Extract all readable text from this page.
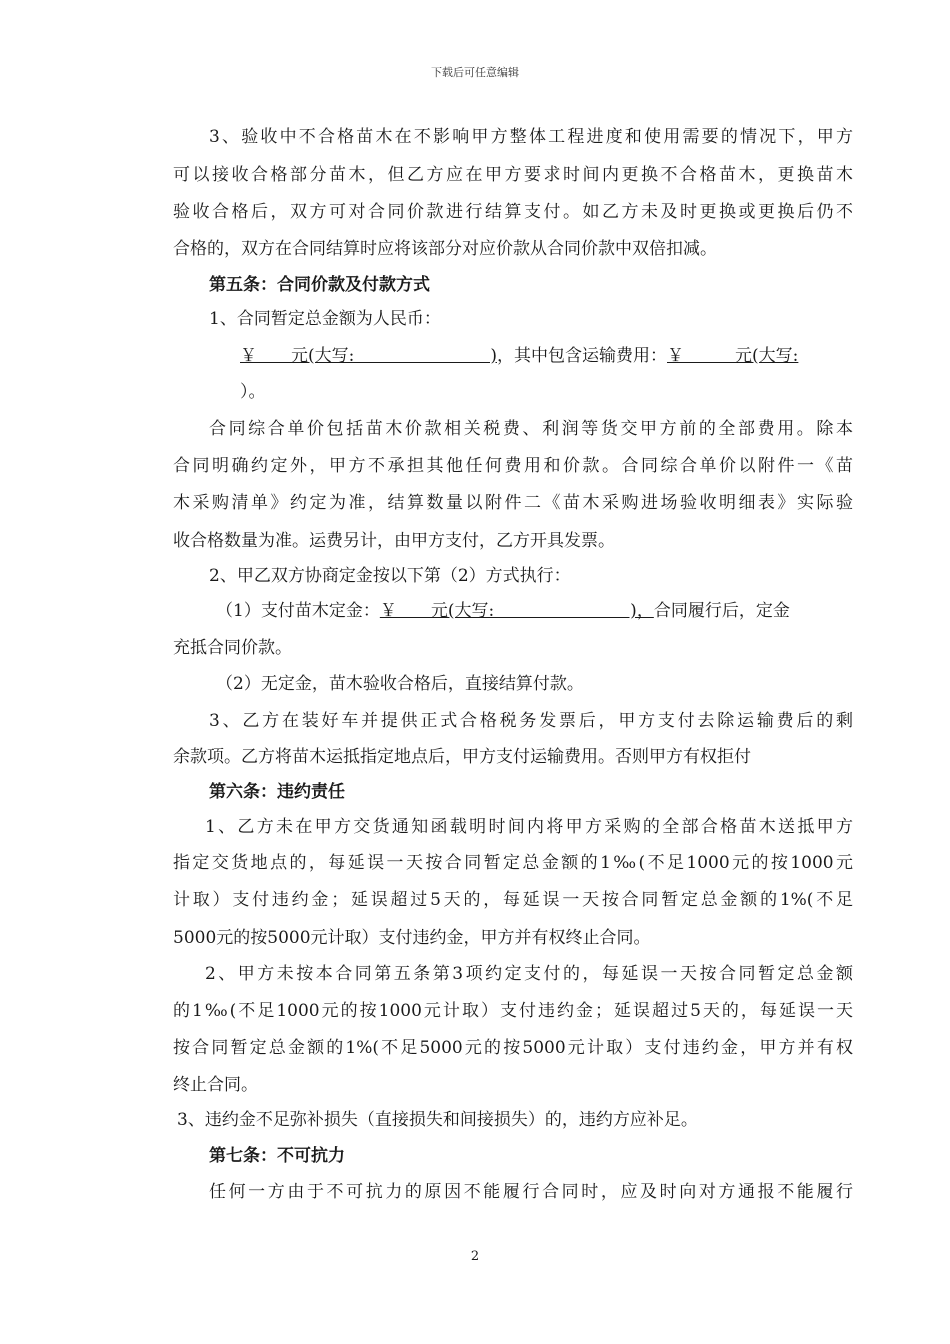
下载后可任意编辑
3、验收中不合格苗木在不影响甲方整体工程进度和使用需要的情况下，甲方
可以接收合格部分苗木，但乙方应在甲方要求时间内更换不合格苗木，更换苗木
验收合格后，双方可对合同价款进行结算支付。如乙方未及时更换或更换后仍不
合格的，双方在合同结算时应将该部分对应价款从合同价款中双倍扣减。
第五条：合同价款及付款方式
1、合同暂定总金额为人民币：
￥　　元(大写:　　　　　　　　)，其中包含运输费用：￥　　　元(大写:
）。
合同综合单价包括苗木价款相关税费、利润等货交甲方前的全部费用。除本
合同明确约定外，甲方不承担其他任何费用和价款。合同综合单价以附件一《苗
木采购清单》约定为准，结算数量以附件二《苗木采购进场验收明细表》实际验
收合格数量为准。运费另计，由甲方支付，乙方开具发票。
2、甲乙双方协商定金按以下第（2）方式执行：
（1）支付苗木定金：￥　　元(大写:　　　　　　　　)，合同履行后，定金
充抵合同价款。
（2）无定金，苗木验收合格后，直接结算付款。
3、乙方在装好车并提供正式合格税务发票后，甲方支付去除运输费后的剩
余款项。乙方将苗木运抵指定地点后，甲方支付运输费用。否则甲方有权拒付
第六条：违约责任
1、乙方未在甲方交货通知函载明时间内将甲方采购的全部合格苗木送抵甲方
指定交货地点的，每延误一天按合同暂定总金额的1‰(不足1000元的按1000元
计取）支付违约金；延误超过5天的，每延误一天按合同暂定总金额的1%(不足
5000元的按5000元计取）支付违约金，甲方并有权终止合同。
2、甲方未按本合同第五条第3项约定支付的，每延误一天按合同暂定总金额
的1‰(不足1000元的按1000元计取）支付违约金；延误超过5天的，每延误一天
按合同暂定总金额的1%(不足5000元的按5000元计取）支付违约金，甲方并有权
终止合同。
3、违约金不足弥补损失（直接损失和间接损失）的，违约方应补足。
第七条：不可抗力
任何一方由于不可抗力的原因不能履行合同时，应及时向对方通报不能履行
2
